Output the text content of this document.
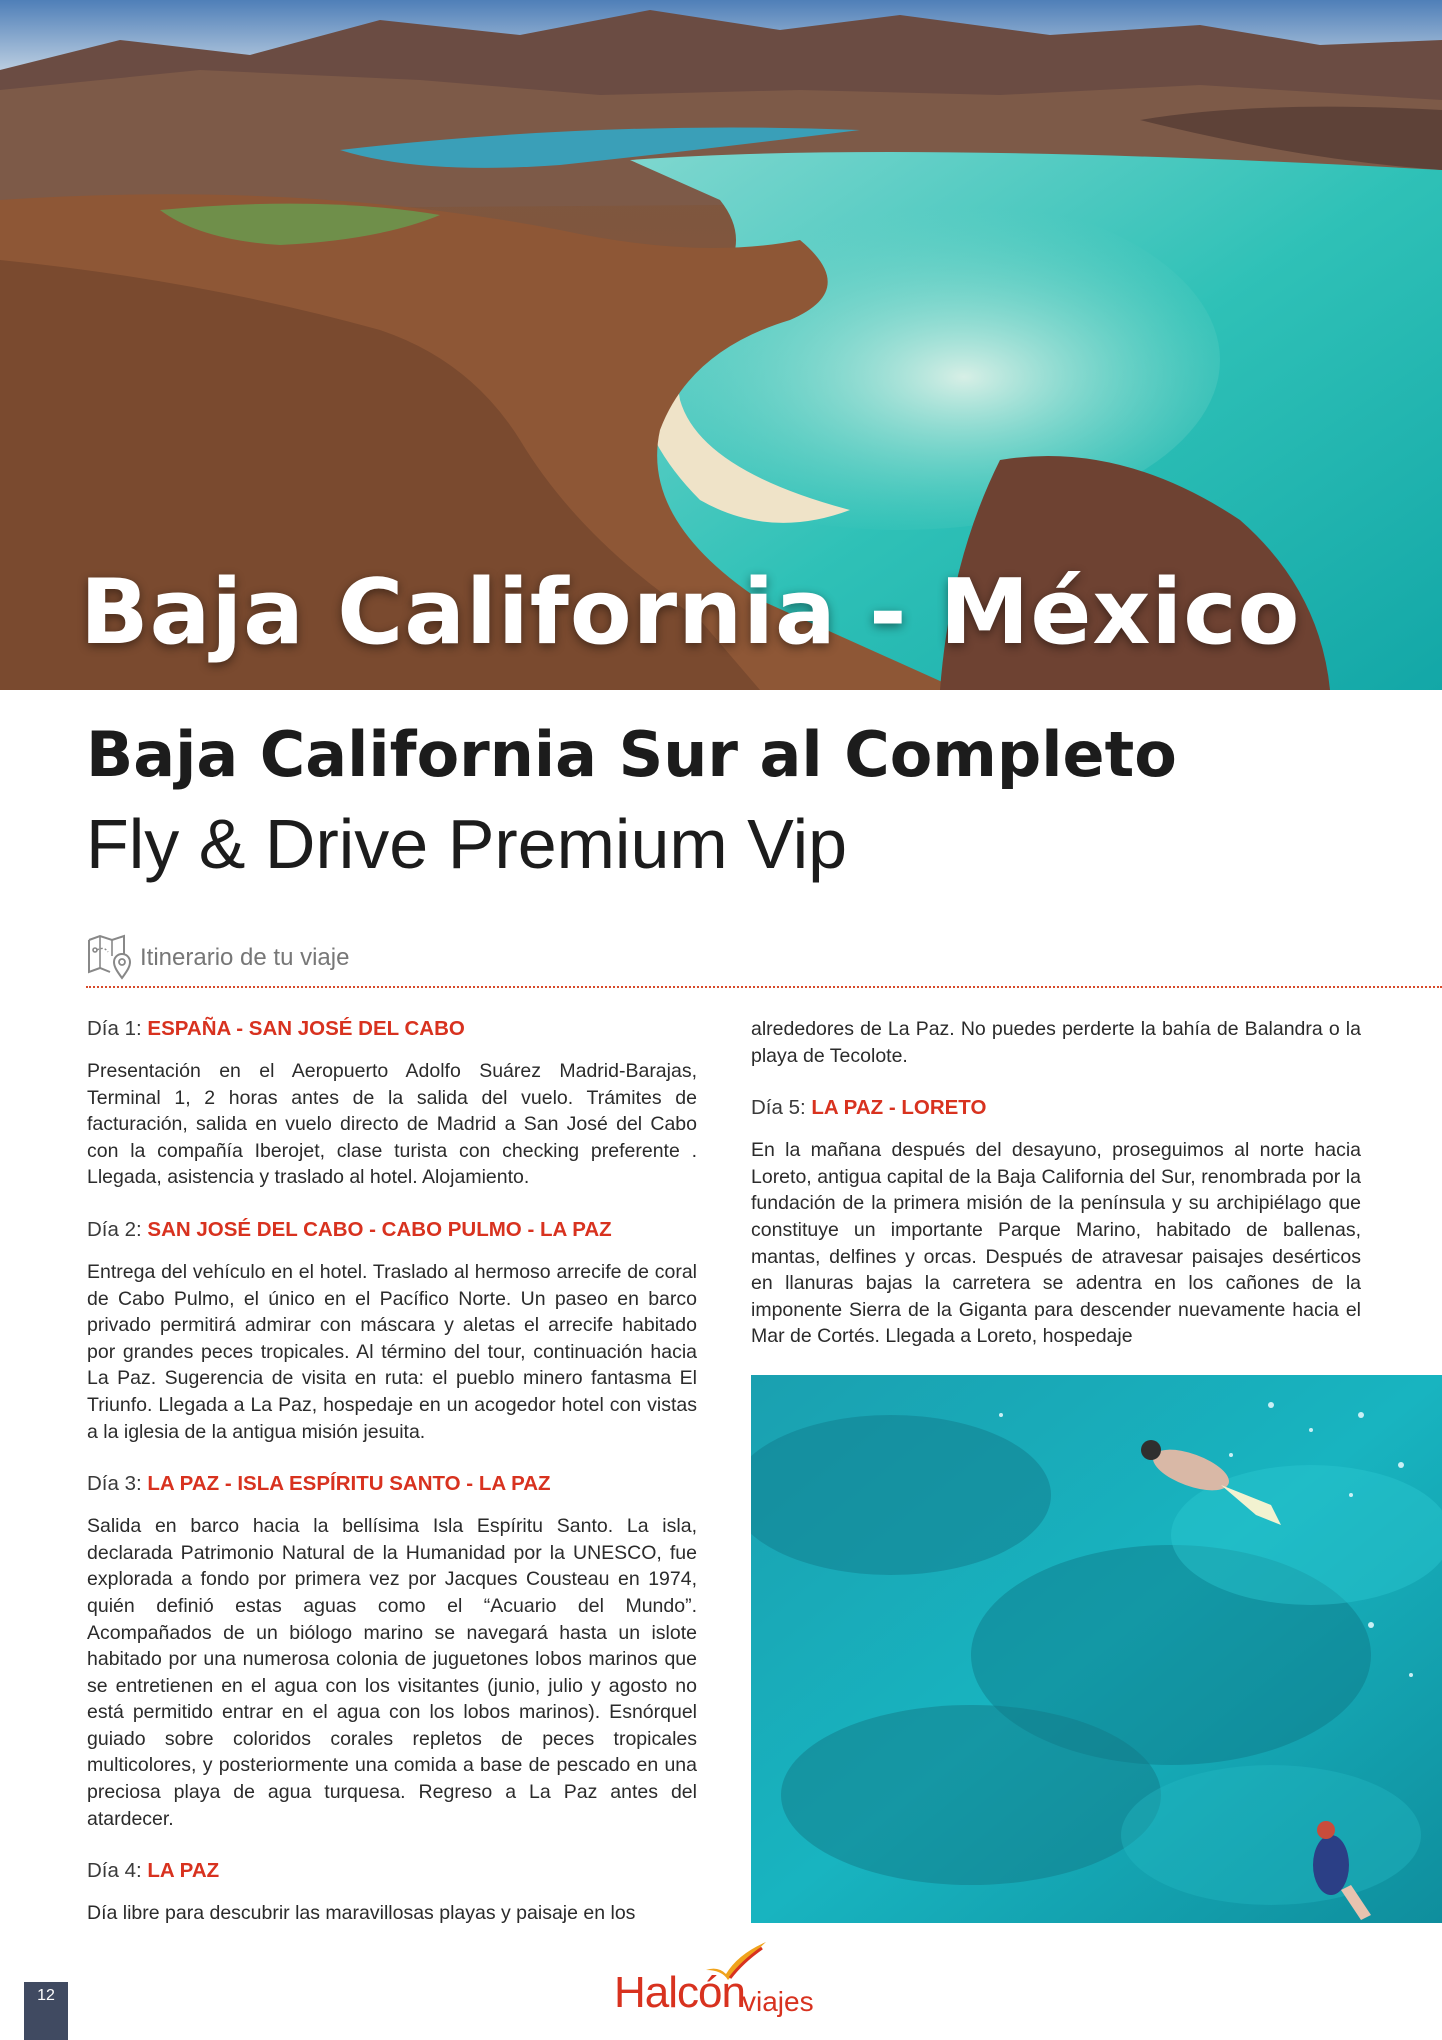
Baja California - México
Baja California Sur al Completo
Fly & Drive Premium Vip
Itinerario de tu viaje

Día 1: ESPAÑA - SAN JOSÉ DEL CABO

Presentación en el Aeropuerto Adolfo Suárez Madrid-Barajas, Terminal 1, 2 horas antes de la salida del vuelo. Trámites de facturación, salida en vuelo directo de Madrid a San José del Cabo con la compañía Iberojet, clase turista con checking preferente . Llegada, asistencia y traslado al hotel. Alojamiento.

Día 2: SAN JOSÉ DEL CABO - CABO PULMO - LA PAZ

Entrega del vehículo en el hotel. Traslado al hermoso arrecife de coral de Cabo Pulmo, el único en el Pacífico Norte. Un paseo en barco privado permitirá admirar con máscara y aletas el arrecife habitado por grandes peces tropicales. Al término del tour, continuación hacia La Paz. Sugerencia de visita en ruta: el pueblo minero fantasma El Triunfo. Llegada a La Paz, hospedaje en un acogedor hotel con vistas a la iglesia de la antigua misión jesuita.

Día 3: LA PAZ - ISLA ESPÍRITU SANTO - LA PAZ

Salida en barco hacia la bellísima Isla Espíritu Santo. La isla, declarada Patrimonio Natural de la Humanidad por la UNESCO, fue explorada a fondo por primera vez por Jacques Cousteau en 1974, quién definió estas aguas como el “Acuario del Mundo”. Acompañados de un biólogo marino se navegará hasta un islote habitado por una numerosa colonia de juguetones lobos marinos que se entretienen en el agua con los visitantes (junio, julio y agosto no está permitido entrar en el agua con los lobos marinos). Esnórquel guiado sobre coloridos corales repletos de peces tropicales multicolores, y posteriormente una comida a base de pescado en una preciosa playa de agua turquesa. Regreso a La Paz antes del atardecer.

Día 4: LA PAZ

Día libre para descubrir las maravillosas playas y paisaje en los

alrededores de La Paz. No puedes perderte la bahía de Balandra o la playa de Tecolote.

Día 5: LA PAZ - LORETO

En la mañana después del desayuno, proseguimos al norte hacia Loreto, antigua capital de la Baja California del Sur, renombrada por la fundación de la primera misión de la península y su archipiélago que constituye un importante Parque Marino, habitado de ballenas, mantas, delfines y orcas. Después de atravesar paisajes desérticos en llanuras bajas la carretera se adentra en los cañones de la imponente Sierra de la Giganta para descender nuevamente hacia el Mar de Cortés. Llegada a Loreto, hospedaje

12	Halcón
viajes
